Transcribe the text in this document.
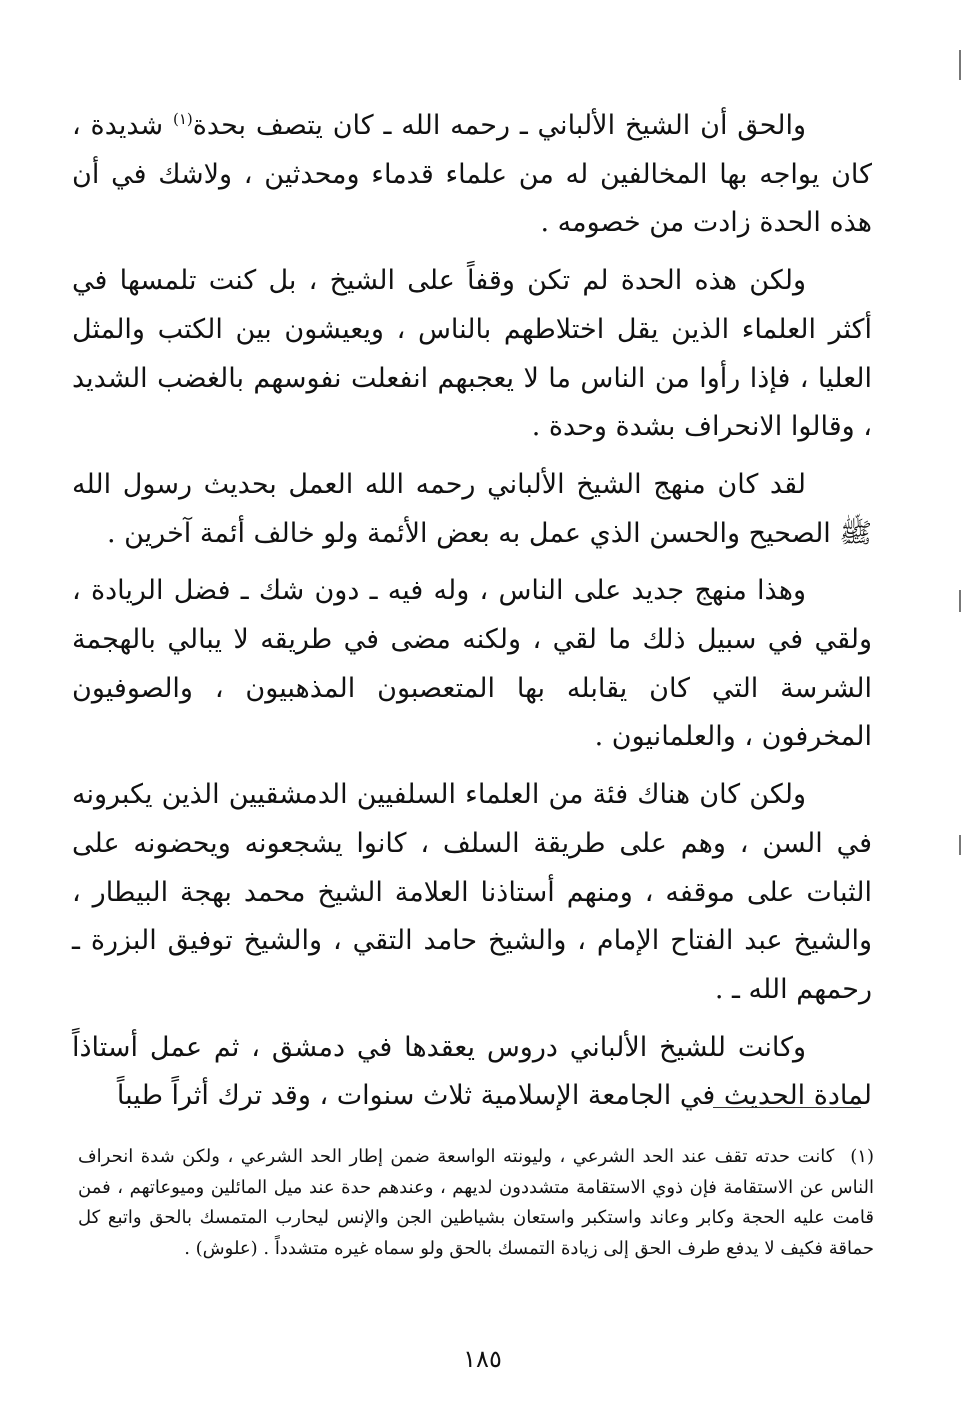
والحق أن الشيخ الألباني ـ رحمه الله ـ كان يتصف بحدة$^{(١)}$ شديدة ، كان يواجه بها المخالفين له من علماء قدماء ومحدثين ، ولاشك في أن هذه الحدة زادت من خصومه .

ولكن هذه الحدة لم تكن وقفاً على الشيخ ، بل كنت تلمسها في أكثر العلماء الذين يقل اختلاطهم بالناس ، ويعيشون بين الكتب والمثل العليا ، فإذا رأوا من الناس ما لا يعجبهم انفعلت نفوسهم بالغضب الشديد ، وقالوا الانحراف بشدة وحدة .

لقد كان منهج الشيخ الألباني رحمه الله العمل بحديث رسول الله ﷺ الصحيح والحسن الذي عمل به بعض الأئمة ولو خالف أئمة آخرين .

وهذا منهج جديد على الناس ، وله فيه ـ دون شك ـ فضل الريادة ، ولقي في سبيل ذلك ما لقي ، ولكنه مضى في طريقه لا يبالي بالهجمة الشرسة التي كان يقابله بها المتعصبون المذهبيون ، والصوفيون المخرفون ، والعلمانيون .

ولكن كان هناك فئة من العلماء السلفيين الدمشقيين الذين يكبرونه في السن ، وهم على طريقة السلف ، كانوا يشجعونه ويحضونه على الثبات على موقفه ، ومنهم أستاذنا العلامة الشيخ محمد بهجة البيطار ، والشيخ عبد الفتاح الإمام ، والشيخ حامد التقي ، والشيخ توفيق البزرة ـ رحمهم الله ـ .

وكانت للشيخ الألباني دروس يعقدها في دمشق ، ثم عمل أستاذاً لمادة الحديث في الجامعة الإسلامية ثلاث سنوات ، وقد ترك أثراً طيباً

(١)كانت حدته تقف عند الحد الشرعي ، وليونته الواسعة ضمن إطار الحد الشرعي ، ولكن شدة انحراف الناس عن الاستقامة فإن ذوي الاستقامة متشددون لديهم ، وعندهم حدة عند ميل المائلين وميوعاتهم ، فمن قامت عليه الحجة وكابر وعاند واستكبر واستعان بشياطين الجن والإنس ليحارب المتمسك بالحق واتبع كل حماقة فكيف لا يدفع طرف الحق إلى زيادة التمسك بالحق ولو سماه غيره متشدداً . (علوش) .
١٨٥
